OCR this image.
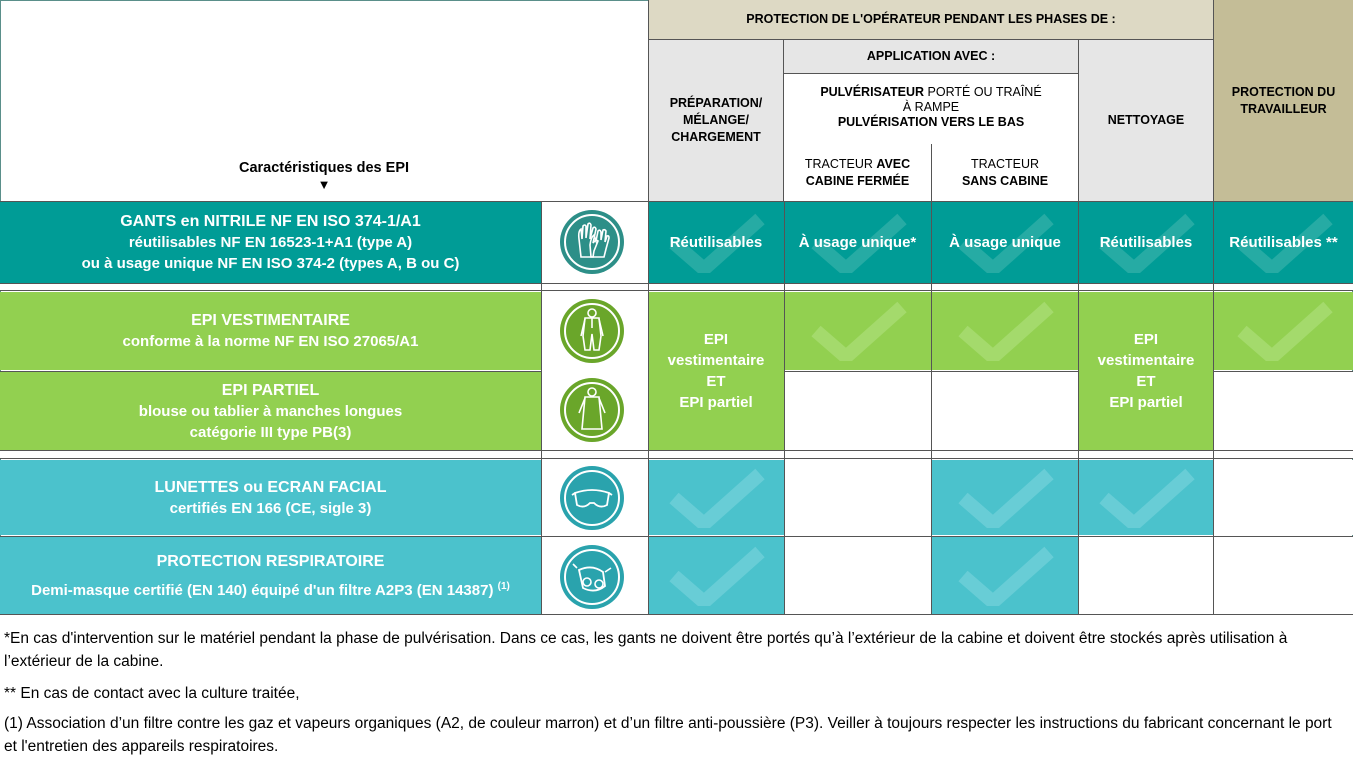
Caractéristiques des EPI
▼
PROTECTION DE L'OPÉRATEUR PENDANT LES PHASES DE :
PROTECTION DU TRAVAILLEUR
PRÉPARATION/ MÉLANGE/ CHARGEMENT
APPLICATION AVEC :
PULVÉRISATEUR PORTÉ OU TRAÎNÉ
À RAMPE
PULVÉRISATION VERS LE BAS
TRACTEUR AVEC
CABINE FERMÉE
TRACTEUR
SANS CABINE
NETTOYAGE
GANTS en NITRILE NF EN ISO 374-1/A1
réutilisables NF EN 16523-1+A1 (type A)
ou à usage unique NF EN ISO 374-2 (types A, B ou C)
Réutilisables À usage unique* À usage unique	Réutilisables Réutilisables **
EPI VESTIMENTAIRE
conforme à la norme NF EN ISO 27065/A1	EPI
vestimentaire
ET
EPI partiel
EPI
vestimentaire
ET
EPI partiel
EPI PARTIEL
blouse ou tablier à manches longues
catégorie III type PB(3)
LUNETTES ou ECRAN FACIAL
certifiés EN 166 (CE, sigle 3)
PROTECTION RESPIRATOIRE
Demi-masque certifié (EN 140) équipé d'un filtre A2P3 (EN 14387) $^{(1)}$
*En cas d'intervention sur le matériel pendant la phase de pulvérisation. Dans ce cas, les gants ne doivent être portés qu’à l’extérieur de la cabine et doivent être stockés après utilisation à l’extérieur de la cabine.
** En cas de contact avec la culture traitée,
(1) Association d’un filtre contre les gaz et vapeurs organiques (A2, de couleur marron) et d’un filtre anti-poussière (P3). Veiller à toujours respecter les instructions du fabricant concernant le port et l'entretien des appareils respiratoires.
